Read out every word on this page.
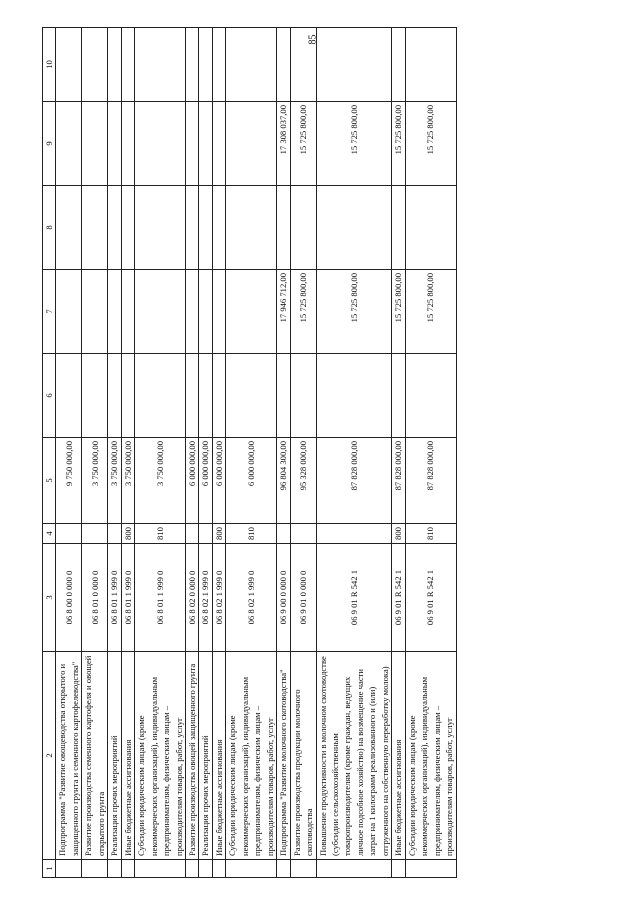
85
1	2	3	4	5	6	7	8	9	10
	Подпрограмма "Развитие овощеводства открытого и защищенного грунта и семенного картофелеводства"	06 8 00 0 000 0		9 750 000,00					
	Развитие производства семенного картофеля и овощей открытого грунта	06 8 01 0 000 0		3 750 000,00					
	Реализация прочих мероприятий	06 8 01 1 999 0		3 750 000,00					
	Иные бюджетные ассигнования	06 8 01 1 999 0	800	3 750 000,00					
	Субсидии юридическим лицам (кроме некоммерческих организаций), индивидуальным предпринимателям, физическим лицам – производителям товаров, работ, услуг	06 8 01 1 999 0	810	3 750 000,00					
	Развитие производства овощей защищенного грунта	06 8 02 0 000 0		6 000 000,00					
	Реализация прочих мероприятий	06 8 02 1 999 0		6 000 000,00					
	Иные бюджетные ассигнования	06 8 02 1 999 0	800	6 000 000,00					
	Субсидии юридическим лицам (кроме некоммерческих организаций), индивидуальным предпринимателям, физическим лицам – производителям товаров, работ, услуг	06 8 02 1 999 0	810	6 000 000,00					
	Подпрограмма "Развитие молочного скотоводства"	06 9 00 0 000 0		96 804 300,00		17 946 712,00		17 308 037,00	
	Развитие производства продукции молочного скотоводства	06 9 01 0 000 0		95 328 000,00		15 725 800,00		15 725 800,00	
	Повышение продуктивности в молочном скотоводстве (субсидии сельскохозяйственным товаропроизводителям (кроме граждан, ведущих личное подсобное хозяйство) на возмещение части затрат на 1 килограмм реализованного и (или) отгруженного на собственную переработку молока)	06 9 01 R 542 1		87 828 000,00		15 725 800,00		15 725 800,00	
	Иные бюджетные ассигнования	06 9 01 R 542 1	800	87 828 000,00		15 725 800,00		15 725 800,00	
	Субсидии юридическим лицам (кроме некоммерческих организаций), индивидуальным предпринимателям, физическим лицам – производителям товаров, работ, услуг	06 9 01 R 542 1	810	87 828 000,00		15 725 800,00		15 725 800,00	
